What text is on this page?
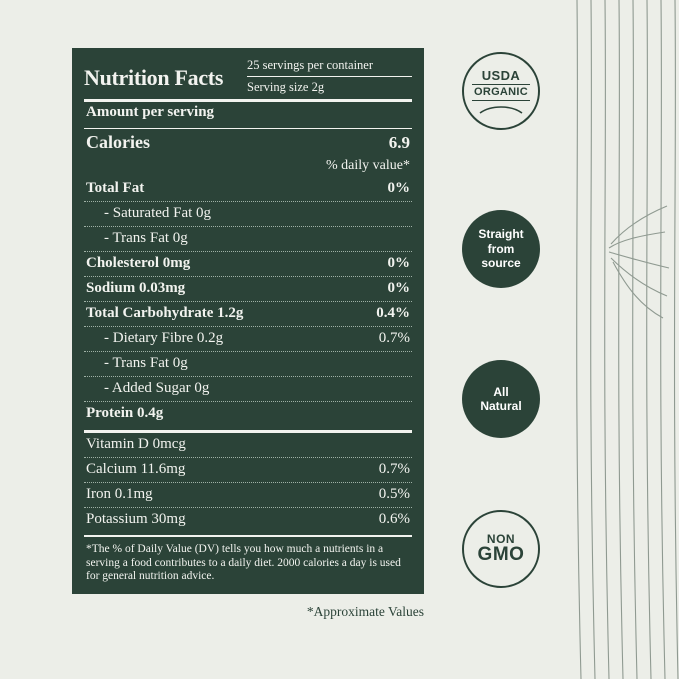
Nutrition Facts	25 servings per container
Serving size 2g
Amount per serving
Calories	6.9
% daily value*
Total Fat	0%
- Saturated Fat 0g
- Trans Fat 0g
Cholesterol 0mg	0%
Sodium 0.03mg	0%
Total Carbohydrate 1.2g	0.4%
- Dietary Fibre 0.2g	0.7%
- Trans Fat 0g
- Added Sugar 0g
Protein 0.4g
Vitamin D 0mcg
Calcium 11.6mg	0.7%
Iron 0.1mg	0.5%
Potassium 30mg	0.6%
*The % of Daily Value (DV) tells you how much a nutrients in a serving a food contributes to a daily diet. 2000 calories a day is used for general nutrition advice.
*Approximate Values
USDA
ORGANIC
Straight
from
source
All
Natural
NON
GMO
